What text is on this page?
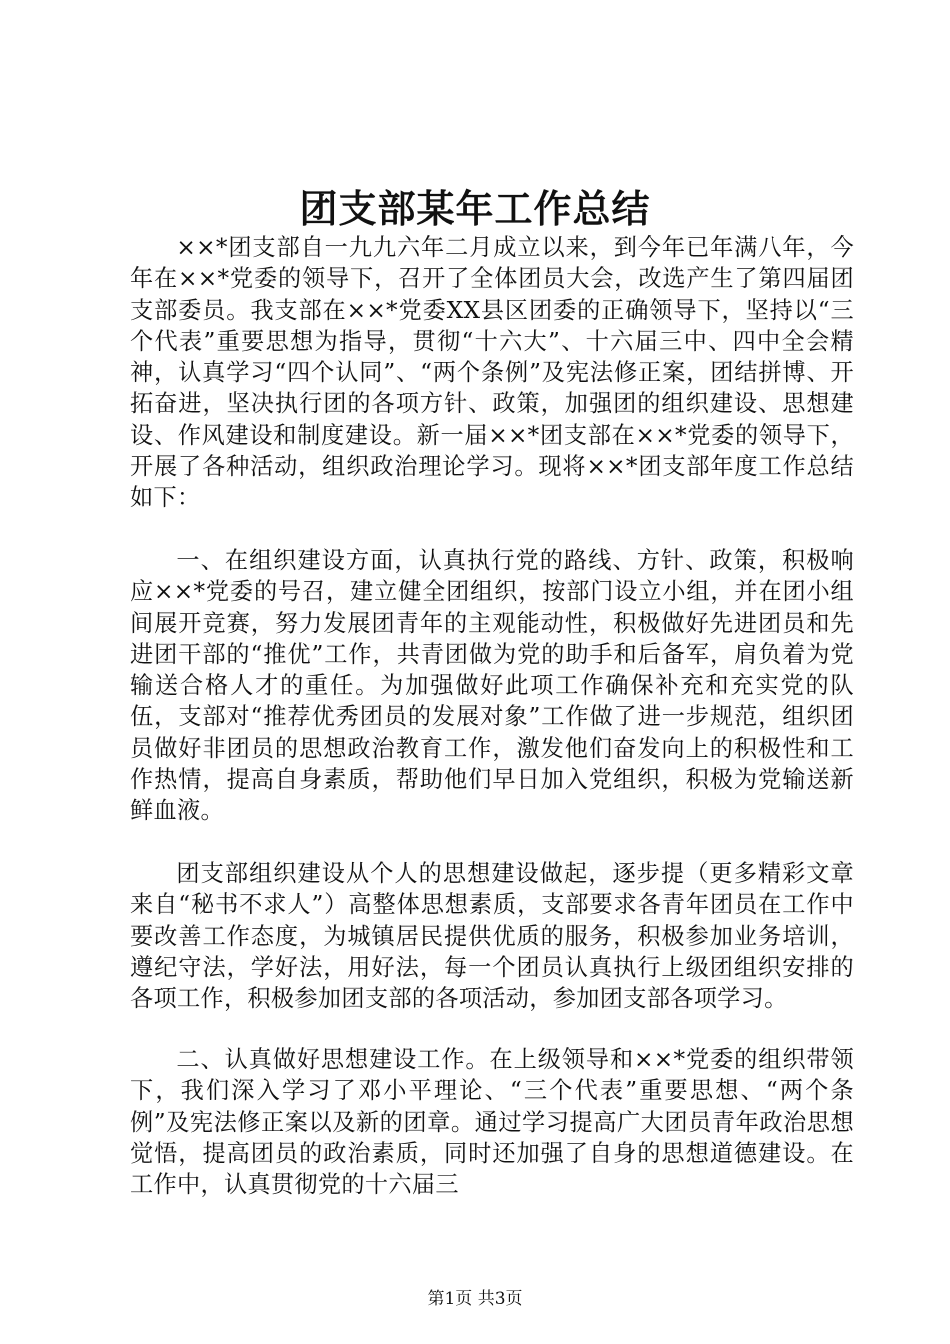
团支部某年工作总结

××*团支部自一九九六年二月成立以来，到今年已年满八年，今年在××*党委的领导下，召开了全体团员大会，改选产生了第四届团支部委员。我支部在××*党委XX县区团委的正确领导下，坚持以“三个代表”重要思想为指导，贯彻“十六大”、十六届三中、四中全会精神，认真学习“四个认同”、“两个条例”及宪法修正案，团结拼博、开拓奋进，坚决执行团的各项方针、政策，加强团的组织建设、思想建设、作风建设和制度建设。新一届××*团支部在××*党委的领导下，开展了各种活动，组织政治理论学习。现将××*团支部年度工作总结如下：

一、在组织建设方面，认真执行党的路线、方针、政策，积极响应××*党委的号召，建立健全团组织，按部门设立小组，并在团小组间展开竞赛，努力发展团青年的主观能动性，积极做好先进团员和先进团干部的“推优”工作，共青团做为党的助手和后备军，肩负着为党输送合格人才的重任。为加强做好此项工作确保补充和充实党的队伍，支部对“推荐优秀团员的发展对象”工作做了进一步规范，组织团员做好非团员的思想政治教育工作，激发他们奋发向上的积极性和工作热情，提高自身素质，帮助他们早日加入党组织，积极为党输送新鲜血液。

团支部组织建设从个人的思想建设做起，逐步提（更多精彩文章来自“秘书不求人”）高整体思想素质，支部要求各青年团员在工作中要改善工作态度，为城镇居民提供优质的服务，积极参加业务培训，遵纪守法，学好法，用好法，每一个团员认真执行上级团组织安排的各项工作，积极参加团支部的各项活动，参加团支部各项学习。

二、认真做好思想建设工作。在上级领导和××*党委的组织带领下，我们深入学习了邓小平理论、“三个代表”重要思想、“两个条例”及宪法修正案以及新的团章。通过学习提高广大团员青年政治思想觉悟，提高团员的政治素质，同时还加强了自身的思想道德建设。在工作中，认真贯彻党的十六届三

第1页 共3页
